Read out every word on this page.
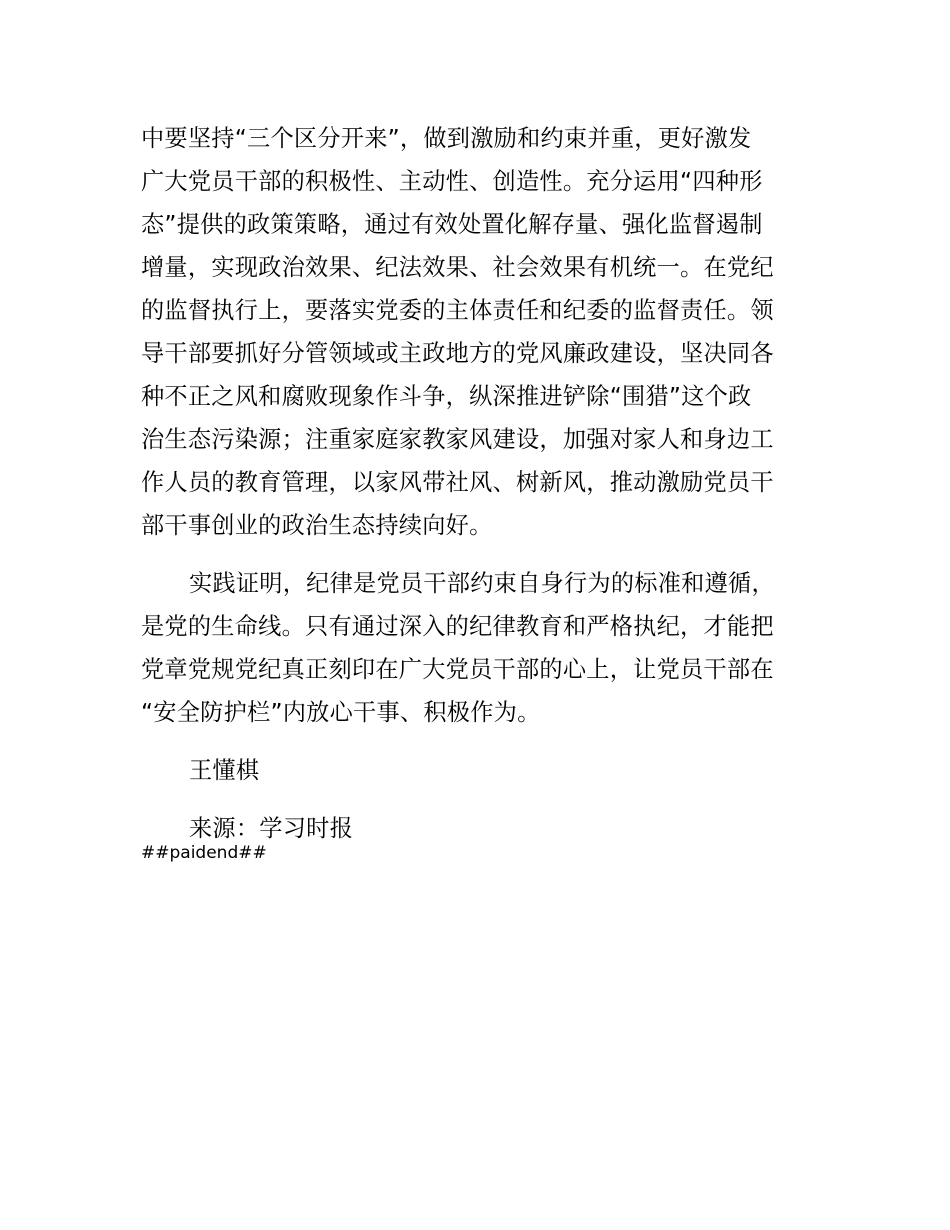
中要坚持“三个区分开来”，做到激励和约束并重，更好激发
广大党员干部的积极性、主动性、创造性。充分运用“四种形
态”提供的政策策略，通过有效处置化解存量、强化监督遏制
增量，实现政治效果、纪法效果、社会效果有机统一。在党纪
的监督执行上，要落实党委的主体责任和纪委的监督责任。领
导干部要抓好分管领域或主政地方的党风廉政建设，坚决同各
种不正之风和腐败现象作斗争，纵深推进铲除“围猎”这个政
治生态污染源；注重家庭家教家风建设，加强对家人和身边工
作人员的教育管理，以家风带社风、树新风，推动激励党员干
部干事创业的政治生态持续向好。

实践证明，纪律是党员干部约束自身行为的标准和遵循，
是党的生命线。只有通过深入的纪律教育和严格执纪，才能把
党章党规党纪真正刻印在广大党员干部的心上，让党员干部在
“安全防护栏”内放心干事、积极作为。

王懂棋

来源：学习时报

##paidend##
